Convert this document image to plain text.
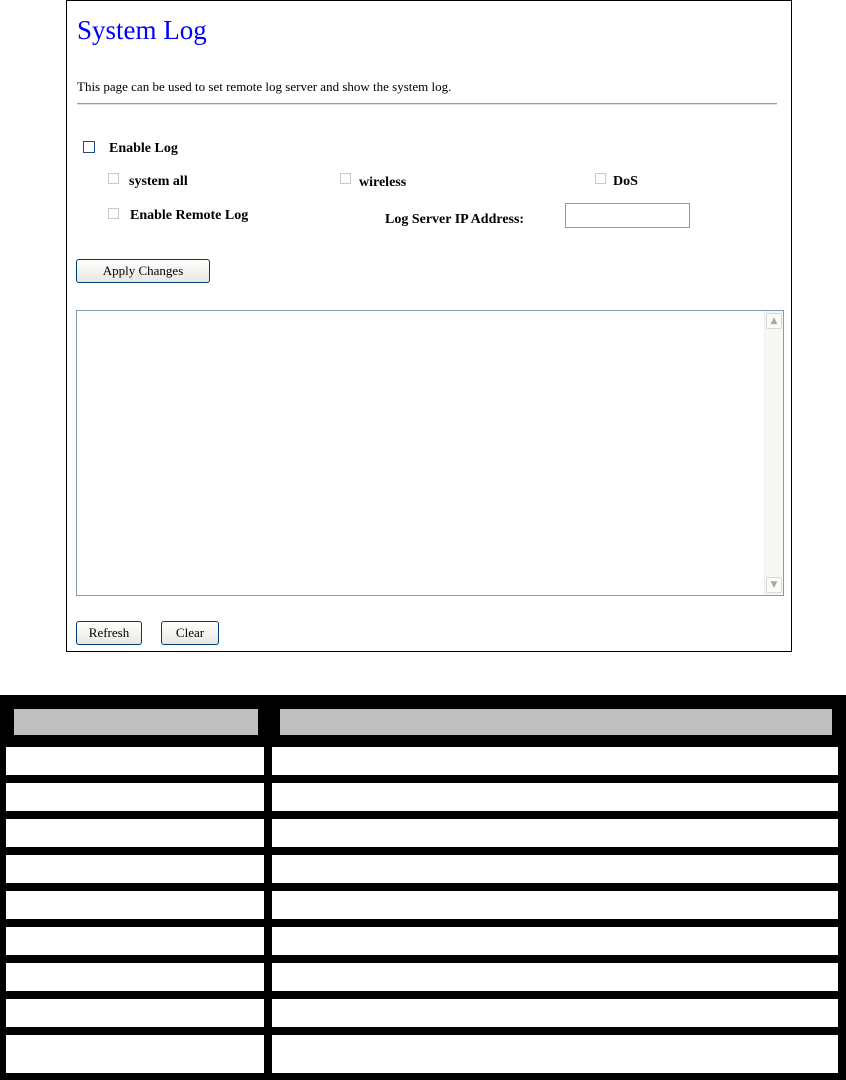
System Log
This page can be used to set remote log server and show the system log.
Enable Log
system all	wireless	DoS
Enable Remote Log	Log Server IP Address:
Apply Changes
▲
▼
Refresh	Clear
